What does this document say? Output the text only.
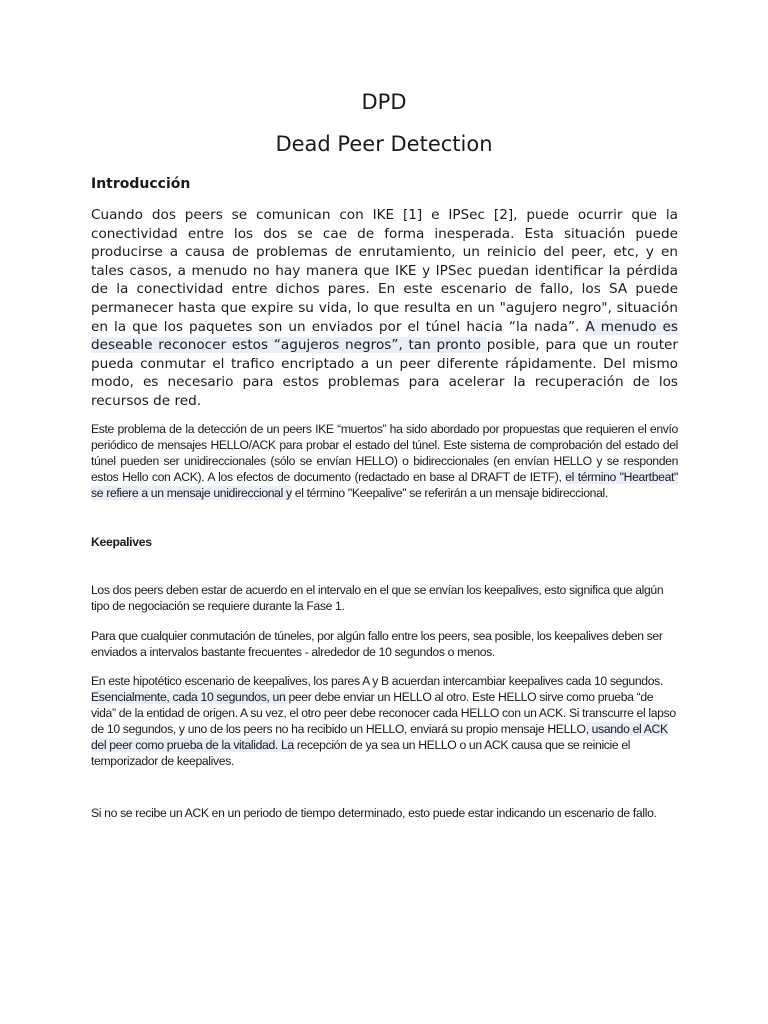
DPD
Dead Peer Detection
Introducción

Cuando dos peers se comunican con IKE [1] e IPSec [2], puede ocurrir que la conectividad entre los dos se cae de forma inesperada. Esta situación puede producirse a causa de problemas de enrutamiento, un reinicio del peer, etc, y en tales casos, a menudo no hay manera que IKE y IPSec puedan identificar la pérdida de la conectividad entre dichos pares. En este escenario de fallo, los SA puede permanecer hasta que expire su vida, lo que resulta en un "agujero negro", situación en la que los paquetes son un enviados por el túnel hacia “la nada”. A menudo es deseable reconocer estos “agujeros negros”, tan pronto posible, para que un router pueda conmutar el trafico encriptado a un peer diferente rápidamente. Del mismo modo, es necesario para estos problemas para acelerar la recuperación de los recursos de red.

Este problema de la detección de un peers IKE “muertos” ha sido abordado por propuestas que requieren el envío periódico de mensajes HELLO/ACK para probar el estado del túnel. Este sistema de comprobación del estado del túnel pueden ser unidireccionales (sólo se envían HELLO) o bidireccionales (en envían HELLO y se responden estos Hello con ACK). A los efectos de documento (redactado en base al DRAFT de IETF), el término "Heartbeat" se refiere a un mensaje unidireccional y el término "Keepalive" se referirán a un mensaje bidireccional.

Keepalives

Los dos peers deben estar de acuerdo en el intervalo en el que se envían los keepalives, esto significa que algún tipo de negociación se requiere durante la Fase 1.

Para que cualquier conmutación de túneles, por algún fallo entre los peers, sea posible, los keepalives deben ser enviados a intervalos bastante frecuentes - alrededor de 10 segundos o menos.

En este hipotético escenario de keepalives, los pares A y B acuerdan intercambiar keepalives cada 10 segundos. Esencialmente, cada 10 segundos, un peer debe enviar un HELLO al otro. Este HELLO sirve como prueba “de vida” de la entidad de origen. A su vez, el otro peer debe reconocer cada HELLO con un ACK. Si transcurre el lapso de 10 segundos, y uno de los peers no ha recibido un HELLO, enviará su propio mensaje HELLO, usando el ACK del peer como prueba de la vitalidad. La recepción de ya sea un HELLO o un ACK causa que se reinicie el temporizador de keepalives.

Si no se recibe un ACK en un periodo de tiempo determinado, esto puede estar indicando un escenario de fallo.
